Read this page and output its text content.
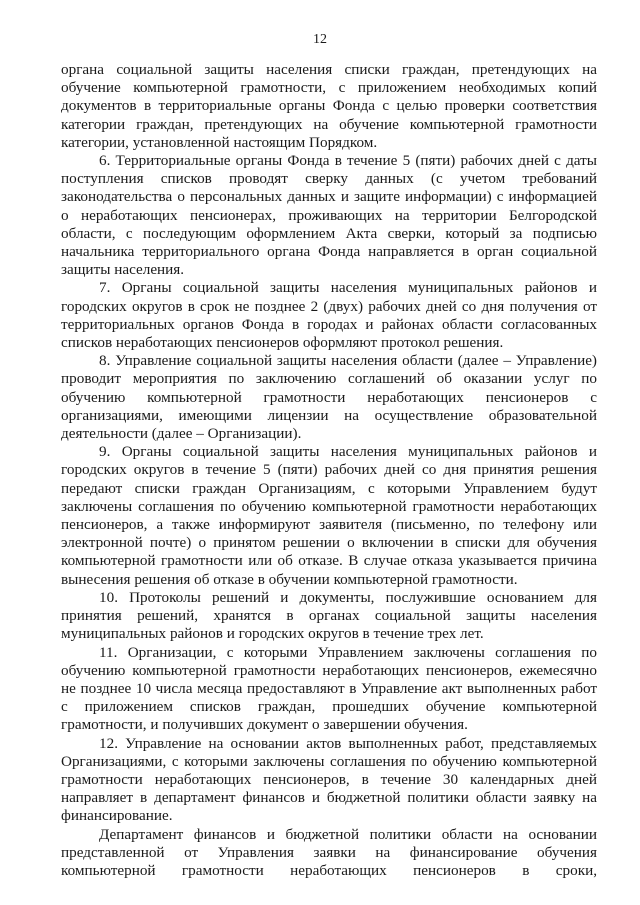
12

органа социальной защиты населения списки граждан, претендующих на обучение компьютерной грамотности, с приложением необходимых копий документов в территориальные органы Фонда с целью проверки соответствия категории граждан, претендующих на обучение компьютерной грамотности категории, установленной настоящим Порядком.

6. Территориальные органы Фонда в течение 5 (пяти) рабочих дней с даты поступления списков проводят сверку данных (с учетом требований законодательства о персональных данных и защите информации) с информацией о неработающих пенсионерах, проживающих на территории Белгородской области, с последующим оформлением Акта сверки, который за подписью начальника территориального органа Фонда направляется в орган социальной защиты населения.

7. Органы социальной защиты населения муниципальных районов и городских округов в срок не позднее 2 (двух) рабочих дней со дня получения от территориальных органов Фонда в городах и районах области согласованных списков неработающих пенсионеров оформляют протокол решения.

8. Управление социальной защиты населения области (далее – Управление) проводит мероприятия по заключению соглашений об оказании услуг по обучению компьютерной грамотности неработающих пенсионеров с организациями, имеющими лицензии на осуществление образовательной деятельности (далее – Организации).

9. Органы социальной защиты населения муниципальных районов и городских округов в течение 5 (пяти) рабочих дней со дня принятия решения передают списки граждан Организациям, с которыми Управлением будут заключены соглашения по обучению компьютерной грамотности неработающих пенсионеров, а также информируют заявителя (письменно, по телефону или электронной почте) о принятом решении о включении в списки для обучения компьютерной грамотности или об отказе. В случае отказа указывается причина вынесения решения об отказе в обучении компьютерной грамотности.

10. Протоколы решений и документы, послужившие основанием для принятия решений, хранятся в органах социальной защиты населения муниципальных районов и городских округов в течение трех лет.

11. Организации, с которыми Управлением заключены соглашения по обучению компьютерной грамотности неработающих пенсионеров, ежемесячно не позднее 10 числа месяца предоставляют в Управление акт выполненных работ с приложением списков граждан, прошедших обучение компьютерной грамотности, и получивших документ о завершении обучения.

12. Управление на основании актов выполненных работ, представляемых Организациями, с которыми заключены соглашения по обучению компьютерной грамотности неработающих пенсионеров, в течение 30 календарных дней направляет в департамент финансов и бюджетной политики области заявку на финансирование.

Департамент финансов и бюджетной политики области на основании представленной от Управления заявки на финансирование обучения компьютерной грамотности неработающих пенсионеров в сроки,
